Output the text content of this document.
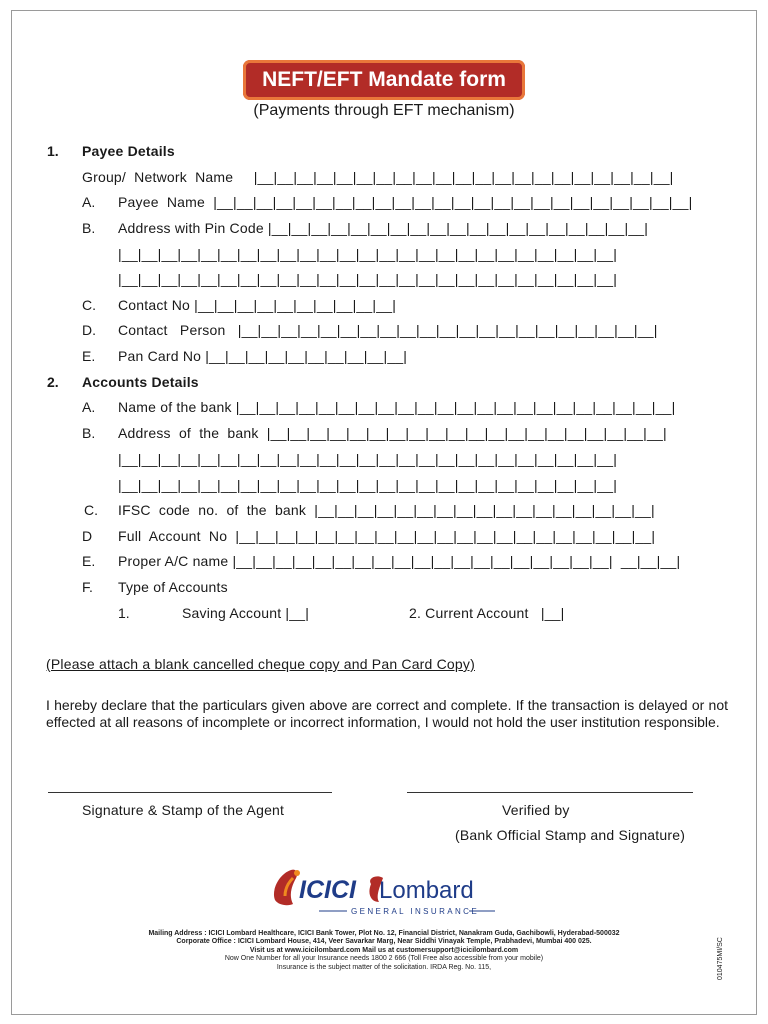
NEFT/EFT Mandate form
(Payments through EFT mechanism)
1. Payee Details
Group/  Network  Name     |__|__|__|__|__|__|__|__|__|__|__|__|__|__|__|__|__|__|__|__|__|
A. Payee  Name  |__|__|__|__|__|__|__|__|__|__|__|__|__|__|__|__|__|__|__|__|__|__|__|__|
B. Address with Pin Code |__|__|__|__|__|__|__|__|__|__|__|__|__|__|__|__|__|__|__|
|__|__|__|__|__|__|__|__|__|__|__|__|__|__|__|__|__|__|__|__|__|__|__|__|__|
|__|__|__|__|__|__|__|__|__|__|__|__|__|__|__|__|__|__|__|__|__|__|__|__|__|
C. Contact No |__|__|__|__|__|__|__|__|__|__|
D. Contact   Person   |__|__|__|__|__|__|__|__|__|__|__|__|__|__|__|__|__|__|__|__|__|
E. Pan Card No |__|__|__|__|__|__|__|__|__|__|
2. Accounts Details
A. Name of the bank |__|__|__|__|__|__|__|__|__|__|__|__|__|__|__|__|__|__|__|__|__|__|
B. Address  of  the  bank  |__|__|__|__|__|__|__|__|__|__|__|__|__|__|__|__|__|__|__|__|
|__|__|__|__|__|__|__|__|__|__|__|__|__|__|__|__|__|__|__|__|__|__|__|__|__|
|__|__|__|__|__|__|__|__|__|__|__|__|__|__|__|__|__|__|__|__|__|__|__|__|__|
C. IFSC  code  no.  of  the  bank  |__|__|__|__|__|__|__|__|__|__|__|__|__|__|__|__|__|
D Full  Account  No  |__|__|__|__|__|__|__|__|__|__|__|__|__|__|__|__|__|__|__|__|__|
E. Proper A/C name |__|__|__|__|__|__|__|__|__|__|__|__|__|__|__|__|__|__|__|  __|__|__|
F. Type of Accounts
1.	Saving Account |__|	2. Current Account   |__|
(Please attach a blank cancelled cheque copy and Pan Card Copy)
I hereby declare that the particulars given above are correct and complete. If the transaction is delayed or not effected at all reasons of incomplete or incorrect information, I would not hold the user institution responsible.
Signature & Stamp of the Agent	Verified by
(Bank Official Stamp and Signature)
ICICI Lombard
GENERAL INSURANCE
Mailing Address : ICICI Lombard Healthcare, ICICI Bank Tower, Plot No. 12, Financial District, Nanakram Guda, Gachibowli, Hyderabad-500032
Corporate Office : ICICI Lombard House, 414, Veer Savarkar Marg, Near Siddhi Vinayak Temple, Prabhadevi, Mumbai 400 025.
Visit us at www.icicilombard.com Mail us at customersupport@icicilombard.com
Now One Number for all your Insurance needs 1800 2 666 (Toll Free also accessible from your mobile)
Insurance is the subject matter of the solicitation. IRDA Reg. No. 115,	010475MI/SC
